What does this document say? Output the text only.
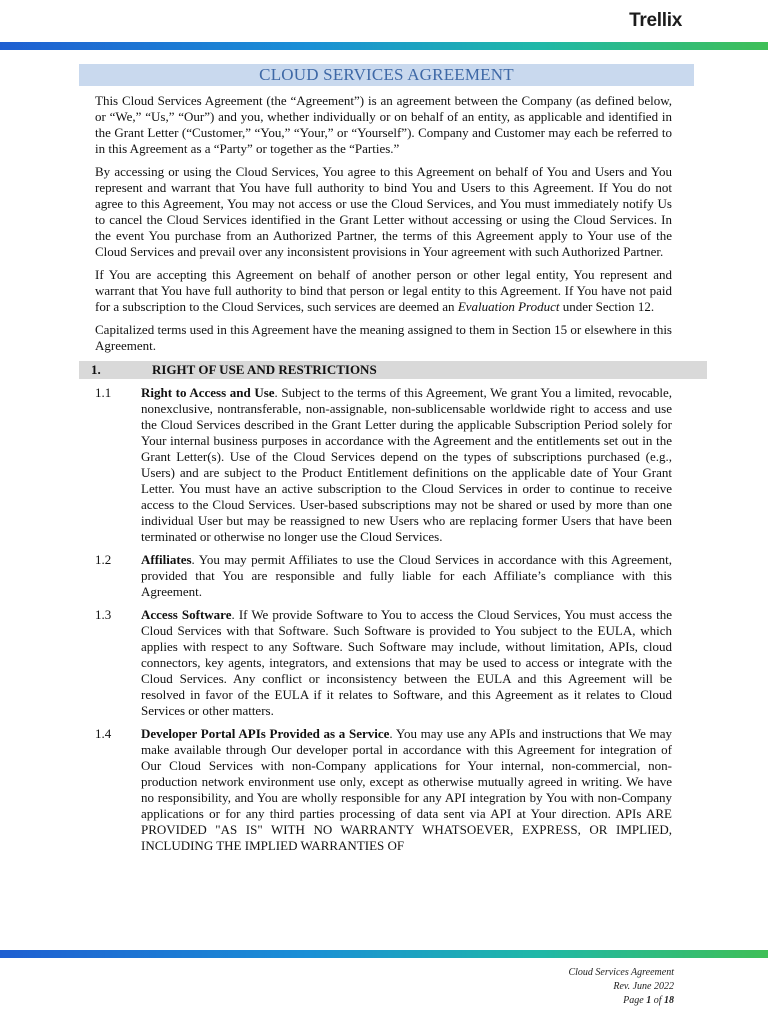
Trellix
CLOUD SERVICES AGREEMENT

This Cloud Services Agreement (the “Agreement”) is an agreement between the Company (as defined below, or “We,” “Us,” “Our”) and you, whether individually or on behalf of an entity, as applicable and identified in the Grant Letter (“Customer,” “You,” “Your,” or “Yourself”). Company and Customer may each be referred to in this Agreement as a “Party” or together as the “Parties.”

By accessing or using the Cloud Services, You agree to this Agreement on behalf of You and Users and You represent and warrant that You have full authority to bind You and Users to this Agreement. If You do not agree to this Agreement, You may not access or use the Cloud Services, and You must immediately notify Us to cancel the Cloud Services identified in the Grant Letter without accessing or using the Cloud Services. In the event You purchase from an Authorized Partner, the terms of this Agreement apply to Your use of the Cloud Services and prevail over any inconsistent provisions in Your agreement with such Authorized Partner.

If You are accepting this Agreement on behalf of another person or other legal entity, You represent and warrant that You have full authority to bind that person or legal entity to this Agreement. If You have not paid for a subscription to the Cloud Services, such services are deemed an Evaluation Product under Section 12.

Capitalized terms used in this Agreement have the meaning assigned to them in Section 15 or elsewhere in this Agreement.

1.	RIGHT OF USE AND RESTRICTIONS
1.1	Right to Access and Use. Subject to the terms of this Agreement, We grant You a limited, revocable, nonexclusive, nontransferable, non-assignable, non-sublicensable worldwide right to access and use the Cloud Services described in the Grant Letter during the applicable Subscription Period solely for Your internal business purposes in accordance with the Agreement and the entitlements set out in the Grant Letter(s). Use of the Cloud Services depend on the types of subscriptions purchased (e.g., Users) and are subject to the Product Entitlement definitions on the applicable date of Your Grant Letter. You must have an active subscription to the Cloud Services in order to continue to receive access to the Cloud Services. User-based subscriptions may not be shared or used by more than one individual User but may be reassigned to new Users who are replacing former Users that have been terminated or otherwise no longer use the Cloud Services.
1.2	Affiliates. You may permit Affiliates to use the Cloud Services in accordance with this Agreement, provided that You are responsible and fully liable for each Affiliate’s compliance with this Agreement.
1.3	Access Software. If We provide Software to You to access the Cloud Services, You must access the Cloud Services with that Software. Such Software is provided to You subject to the EULA, which applies with respect to any Software. Such Software may include, without limitation, APIs, cloud connectors, key agents, integrators, and extensions that may be used to access or integrate with the Cloud Services. Any conflict or inconsistency between the EULA and this Agreement will be resolved in favor of the EULA if it relates to Software, and this Agreement as it relates to Cloud Services or other matters.
1.4	Developer Portal APIs Provided as a Service. You may use any APIs and instructions that We may make available through Our developer portal in accordance with this Agreement for integration of Our Cloud Services with non-Company applications for Your internal, non-commercial, non-production network environment use only, except as otherwise mutually agreed in writing. We have no responsibility, and You are wholly responsible for any API integration by You with non-Company applications or for any third parties processing of data sent via API at Your direction. APIs ARE PROVIDED "AS IS" WITH NO WARRANTY WHATSOEVER, EXPRESS, OR IMPLIED, INCLUDING THE IMPLIED WARRANTIES OF
Cloud Services Agreement
Rev. June 2022
Page 1 of 18
